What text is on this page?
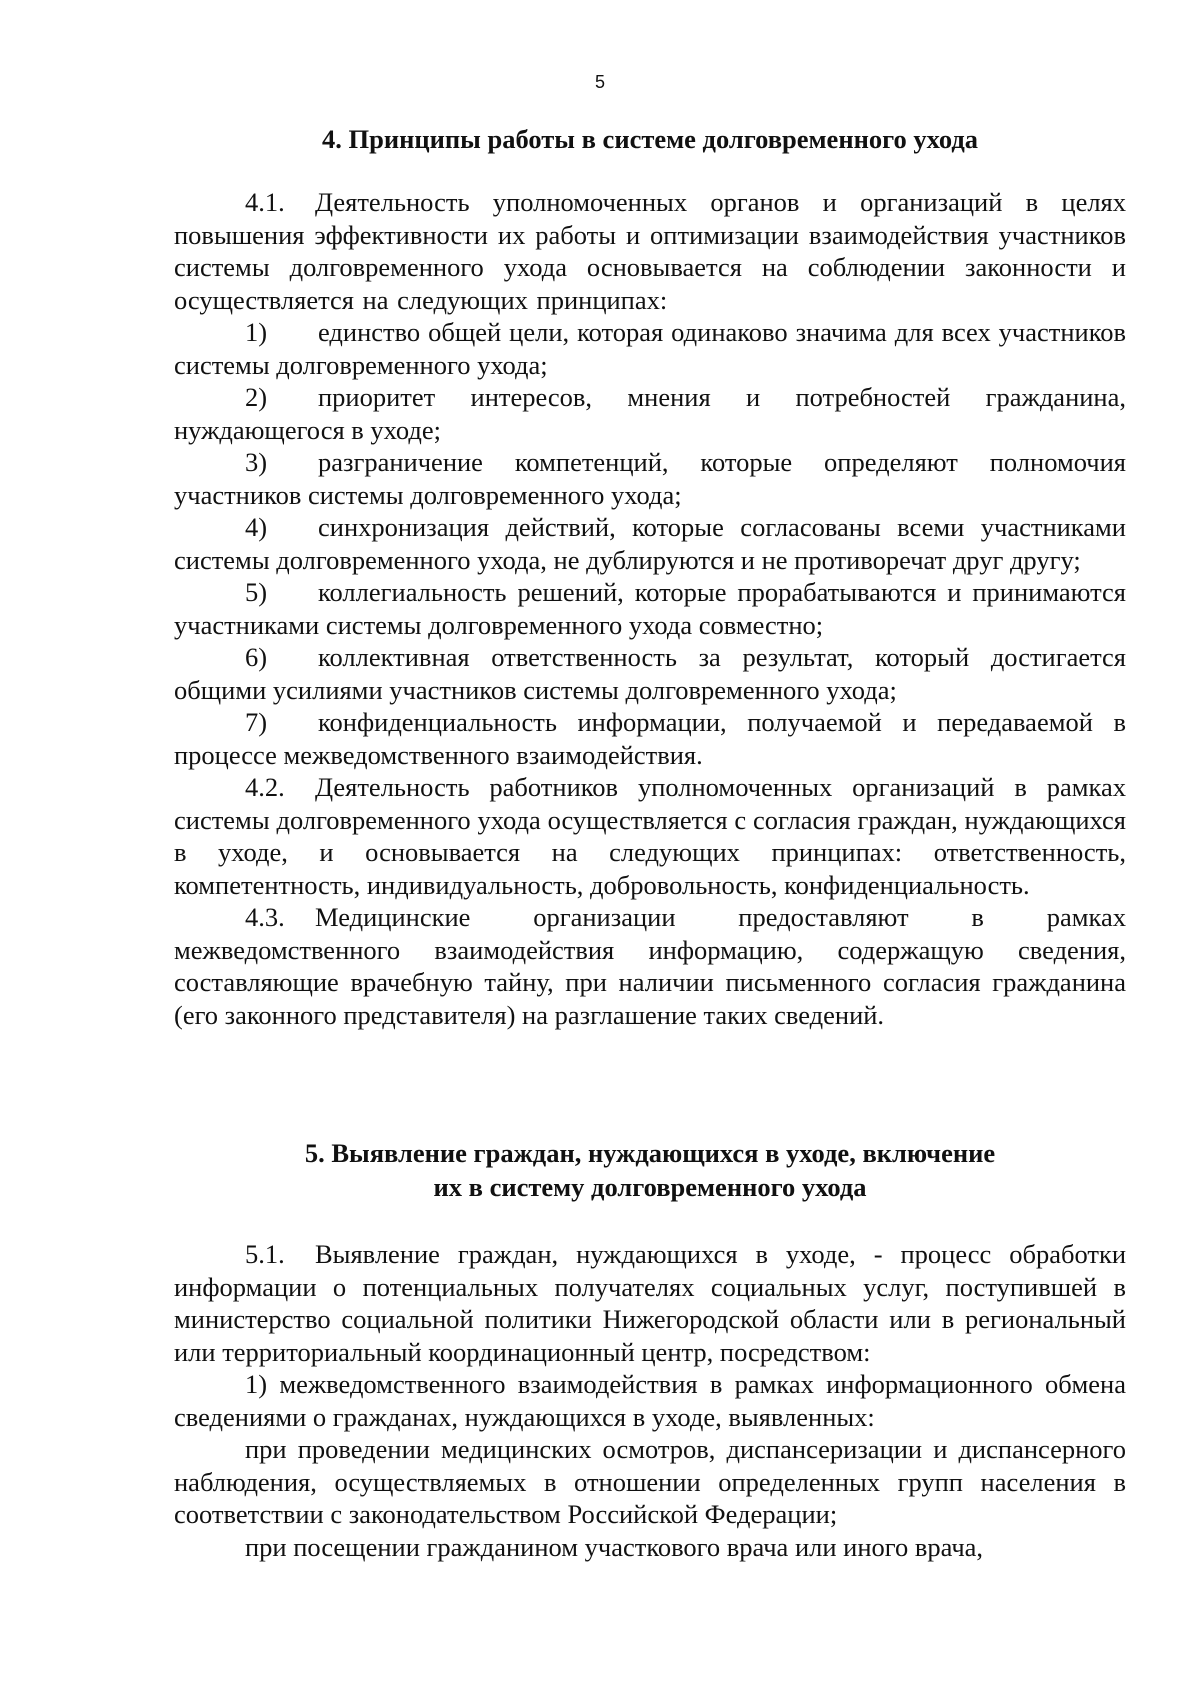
5
4. Принципы работы в системе долговременного ухода

4.1. Деятельность уполномоченных органов и организаций в целях повышения эффективности их работы и оптимизации взаимодействия участников системы долговременного ухода основывается на соблюдении законности и осуществляется на следующих принципах:

1) единство общей цели, которая одинаково значима для всех участников системы долговременного ухода;

2) приоритет интересов, мнения и потребностей гражданина, нуждающегося в уходе;

3) разграничение компетенций, которые определяют полномочия участников системы долговременного ухода;

4) синхронизация действий, которые согласованы всеми участниками системы долговременного ухода, не дублируются и не противоречат друг другу;

5) коллегиальность решений, которые прорабатываются и принимаются участниками системы долговременного ухода совместно;

6) коллективная ответственность за результат, который достигается общими усилиями участников системы долговременного ухода;

7) конфиденциальность информации, получаемой и передаваемой в процессе межведомственного взаимодействия.

4.2. Деятельность работников уполномоченных организаций в рамках системы долговременного ухода осуществляется с согласия граждан, нуждающихся в уходе, и основывается на следующих принципах: ответственность, компетентность, индивидуальность, добровольность, конфиденциальность.

4.3. Медицинские организации предоставляют в рамках межведомственного взаимодействия информацию, содержащую сведения, составляющие врачебную тайну, при наличии письменного согласия гражданина (его законного представителя) на разглашение таких сведений.

5. Выявление граждан, нуждающихся в уходе, включение
их в систему долговременного ухода

5.1. Выявление граждан, нуждающихся в уходе, - процесс обработки информации о потенциальных получателях социальных услуг, поступившей в министерство социальной политики Нижегородской области или в региональный или территориальный координационный центр, посредством:

1) межведомственного взаимодействия в рамках информационного обмена сведениями о гражданах, нуждающихся в уходе, выявленных:

при проведении медицинских осмотров, диспансеризации и диспансерного наблюдения, осуществляемых в отношении определенных групп населения в соответствии с законодательством Российской Федерации;

при посещении гражданином участкового врача или иного врача,
